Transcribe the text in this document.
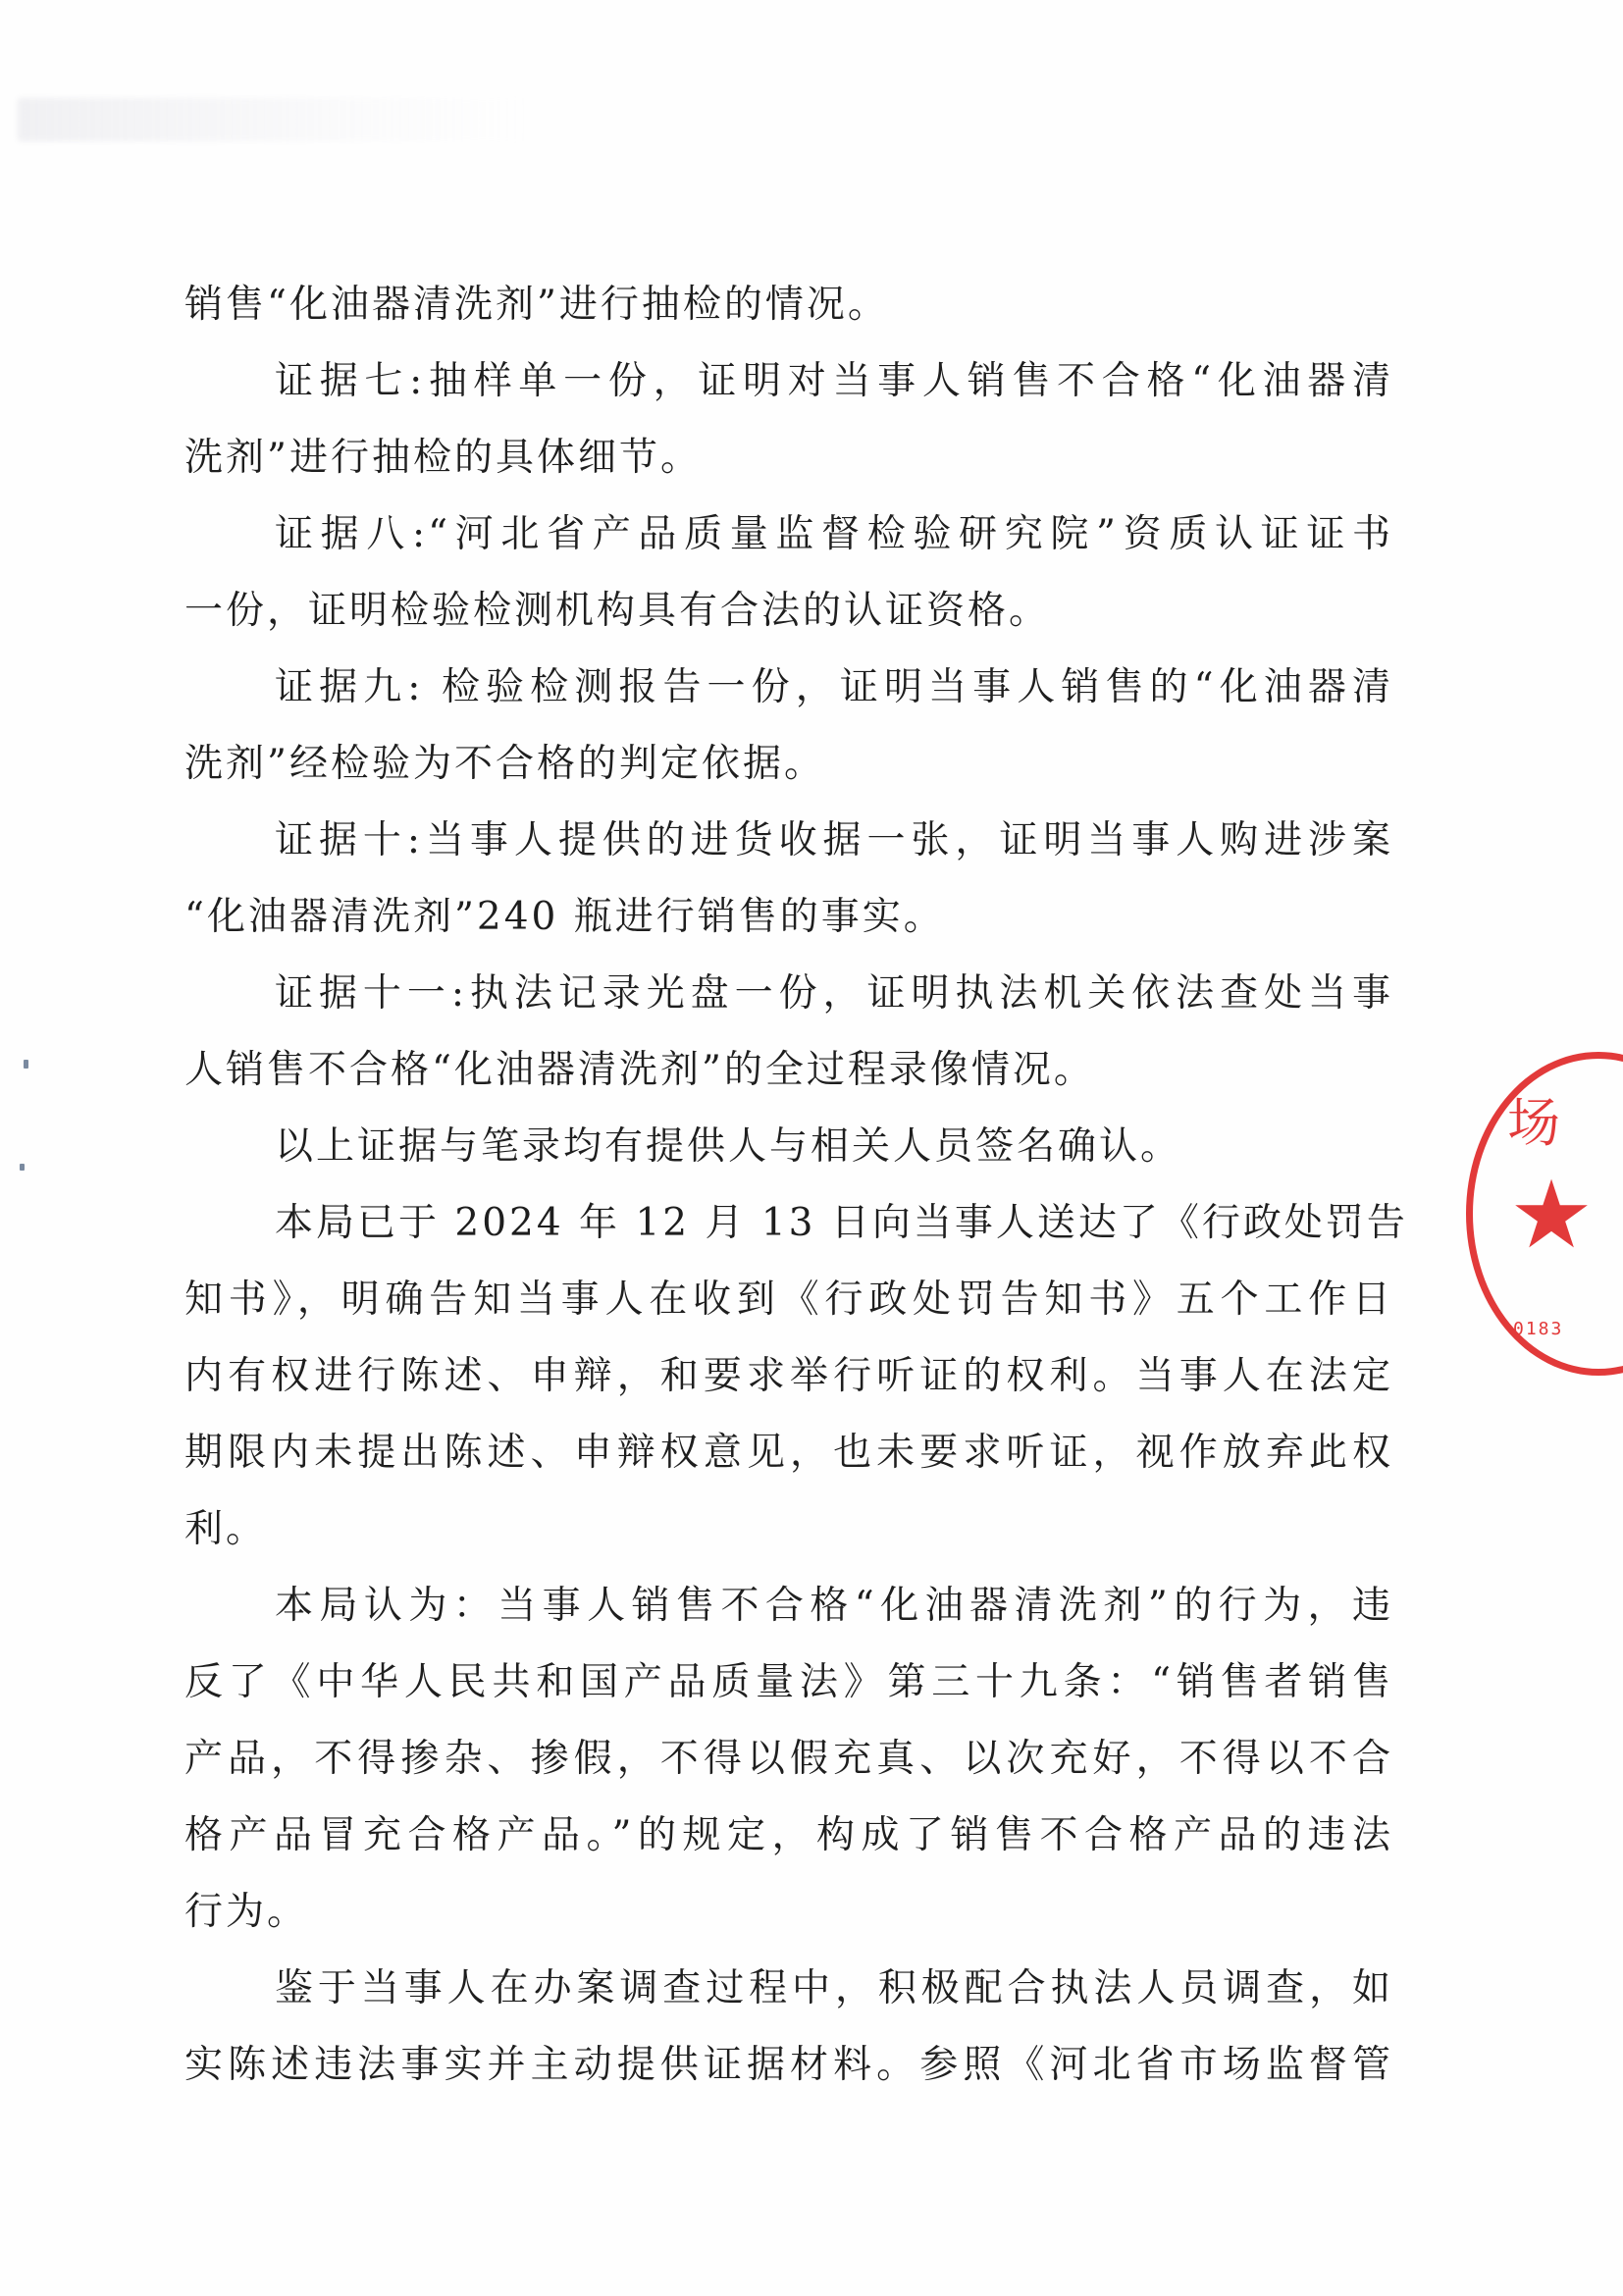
销售“化油器清洗剂”进行抽检的情况。

证据七:抽样单一份，证明对当事人销售不合格“化油器清

洗剂”进行抽检的具体细节。

证据八:“河北省产品质量监督检验研究院”资质认证证书

一份，证明检验检测机构具有合法的认证资格。

证据九: 检验检测报告一份，证明当事人销售的“化油器清

洗剂”经检验为不合格的判定依据。

证据十:当事人提供的进货收据一张，证明当事人购进涉案

“化油器清洗剂”240 瓶进行销售的事实。

证据十一:执法记录光盘一份，证明执法机关依法查处当事

人销售不合格“化油器清洗剂”的全过程录像情况。

以上证据与笔录均有提供人与相关人员签名确认。

本局已于 2024 年 12 月 13 日向当事人送达了《行政处罚告

知书》，明确告知当事人在收到《行政处罚告知书》五个工作日

内有权进行陈述、申辩，和要求举行听证的权利。当事人在法定

期限内未提出陈述、申辩权意见，也未要求听证，视作放弃此权

利。

本局认为：当事人销售不合格“化油器清洗剂”的行为，违

反了《中华人民共和国产品质量法》第三十九条：“销售者销售

产品，不得掺杂、掺假，不得以假充真、以次充好，不得以不合

格产品冒充合格产品。”的规定，构成了销售不合格产品的违法

行为。

鉴于当事人在办案调查过程中，积极配合执法人员调查，如

实陈述违法事实并主动提供证据材料。参照《河北省市场监督管

场
★
0183
